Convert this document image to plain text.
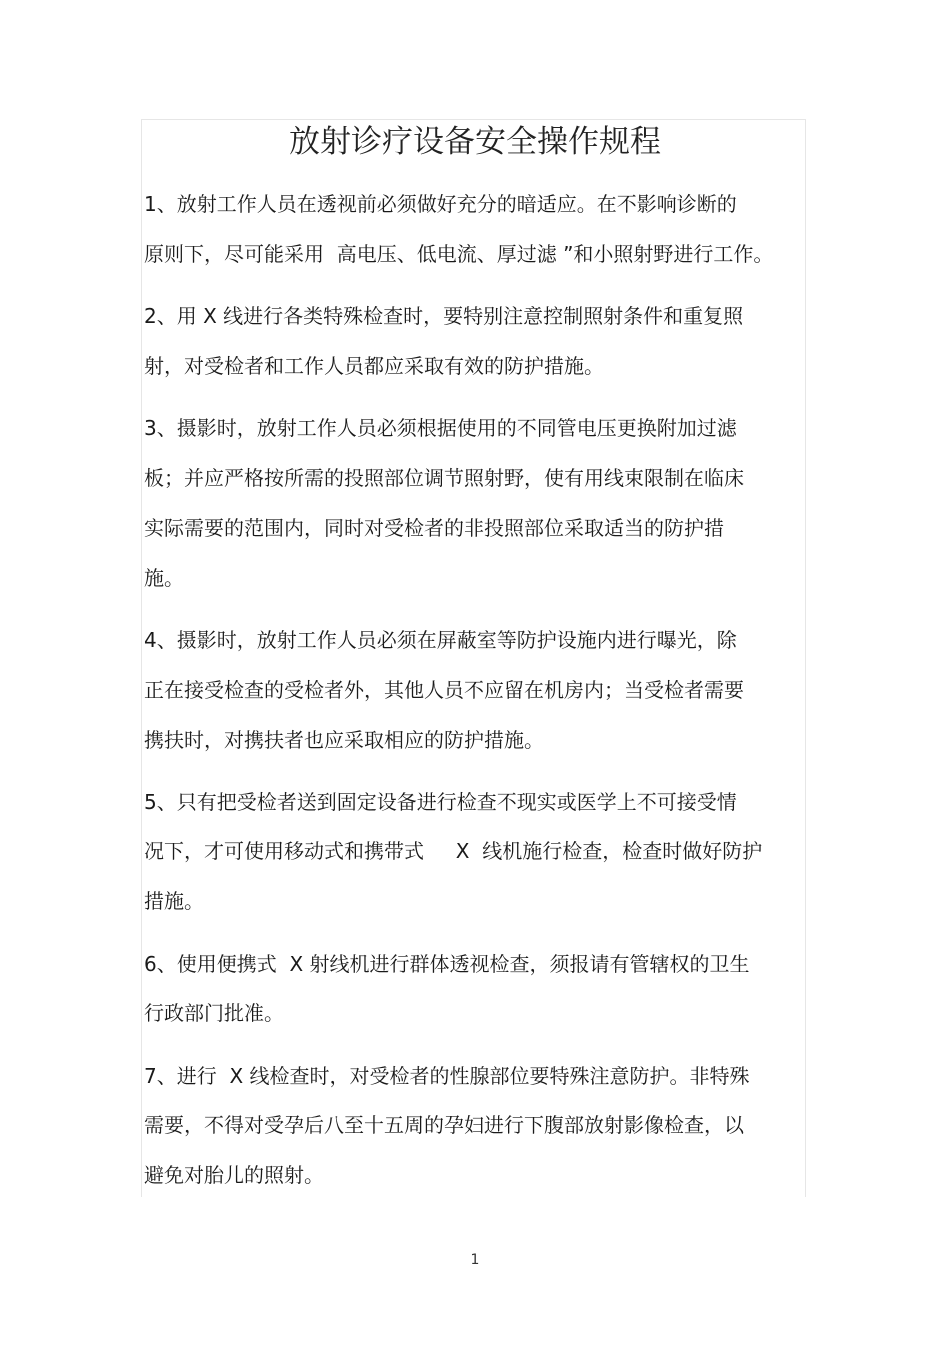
放射诊疗设备安全操作规程
1、放射工作人员在透视前必须做好充分的暗适应。在不影响诊断的
原则下，尽可能采用  高电压、低电流、厚过滤 ”和小照射野进行工作。
2、用 X 线进行各类特殊检查时，要特别注意控制照射条件和重复照
射，对受检者和工作人员都应采取有效的防护措施。
3、摄影时，放射工作人员必须根据使用的不同管电压更换附加过滤
板；并应严格按所需的投照部位调节照射野，使有用线束限制在临床
实际需要的范围内，同时对受检者的非投照部位采取适当的防护措
施。
4、摄影时，放射工作人员必须在屏蔽室等防护设施内进行曝光，除
正在接受检查的受检者外，其他人员不应留在机房内；当受检者需要
携扶时，对携扶者也应采取相应的防护措施。
5、只有把受检者送到固定设备进行检查不现实或医学上不可接受情
况下，才可使用移动式和携带式     X  线机施行检查，检查时做好防护
措施。
6、使用便携式  X 射线机进行群体透视检查，须报请有管辖权的卫生
行政部门批准。
7、进行  X 线检查时，对受检者的性腺部位要特殊注意防护。非特殊
需要，不得对受孕后八至十五周的孕妇进行下腹部放射影像检查，以
避免对胎儿的照射。
1
